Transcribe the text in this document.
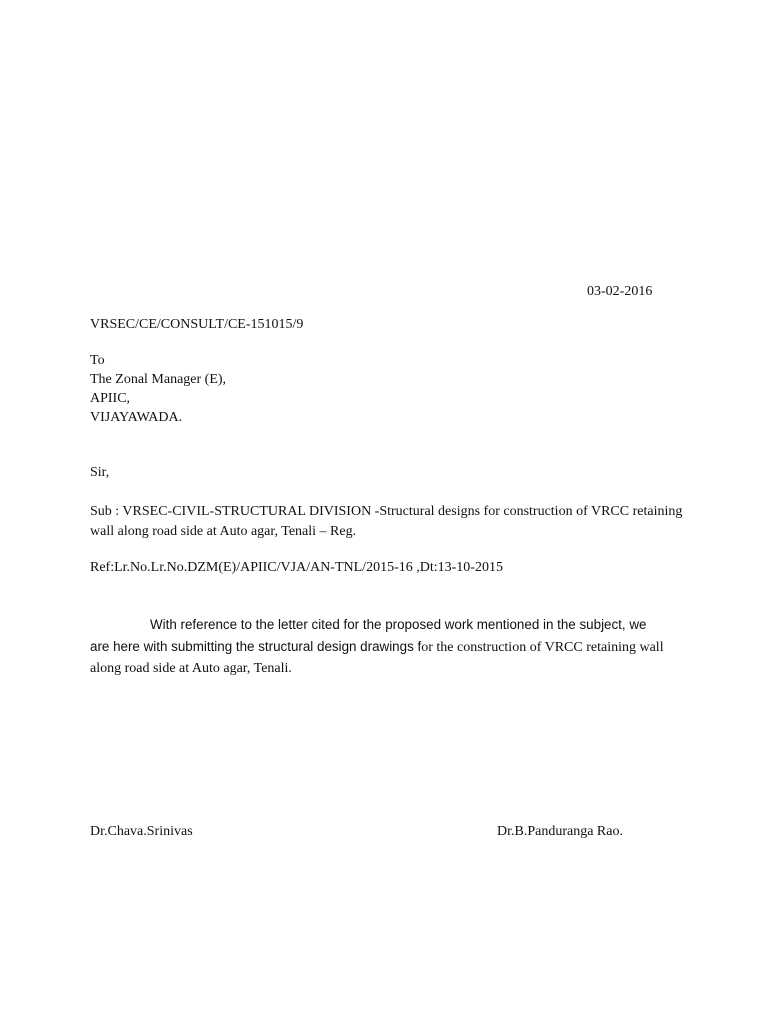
03-02-2016
VRSEC/CE/CONSULT/CE-151015/9
To
The Zonal Manager (E),
APIIC,
VIJAYAWADA.
Sir,
Sub : VRSEC-CIVIL-STRUCTURAL DIVISION -Structural designs for construction of VRCC retaining
wall along road side at Auto agar, Tenali – Reg.
Ref:Lr.No.Lr.No.DZM(E)/APIIC/VJA/AN-TNL/2015-16 ,Dt:13-10-2015
With reference to the letter cited for the proposed work mentioned in the subject, we
are here with submitting the structural design drawings for the construction of VRCC retaining wall
along road side at Auto agar, Tenali.
Dr.Chava.Srinivas	Dr.B.Panduranga Rao.
